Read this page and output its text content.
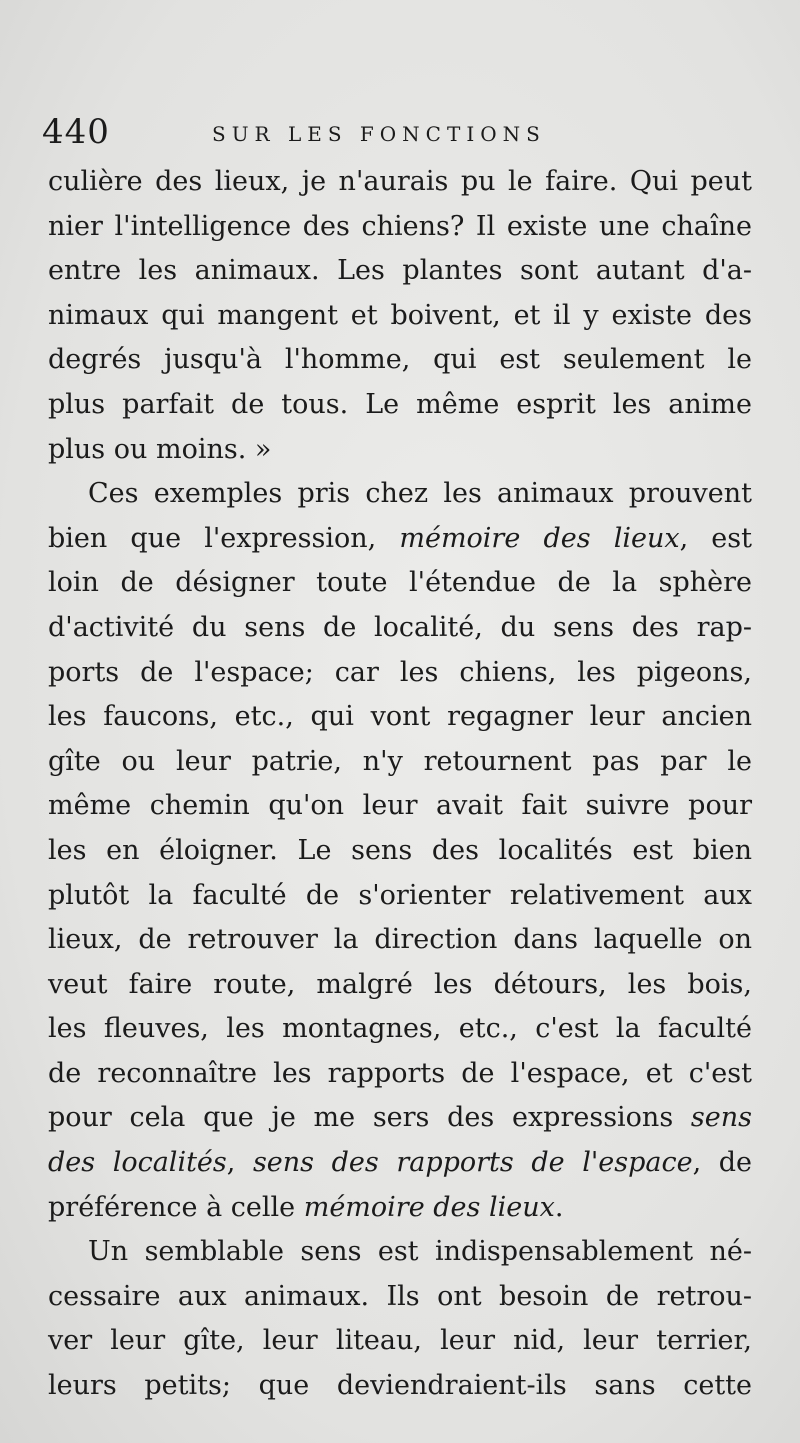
440	SUR LES FONCTIONS
culière des lieux, je n'aurais pu le faire. Qui peut
nier l'intelligence des chiens? Il existe une chaîne
entre les animaux. Les plantes sont autant d'a-
nimaux qui mangent et boivent, et il y existe des
degrés jusqu'à l'homme, qui est seulement le
plus parfait de tous. Le même esprit les anime
plus ou moins. »
Ces exemples pris chez les animaux prouvent
bien que l'expression, mémoire des lieux, est
loin de désigner toute l'étendue de la sphère
d'activité du sens de localité, du sens des rap-
ports de l'espace; car les chiens, les pigeons,
les faucons, etc., qui vont regagner leur ancien
gîte ou leur patrie, n'y retournent pas par le
même chemin qu'on leur avait fait suivre pour
les en éloigner. Le sens des localités est bien
plutôt la faculté de s'orienter relativement aux
lieux, de retrouver la direction dans laquelle on
veut faire route, malgré les détours, les bois,
les fleuves, les montagnes, etc., c'est la faculté
de reconnaître les rapports de l'espace, et c'est
pour cela que je me sers des expressions sens
des localités, sens des rapports de l'espace, de
préférence à celle mémoire des lieux.
Un semblable sens est indispensablement né-
cessaire aux animaux. Ils ont besoin de retrou-
ver leur gîte, leur liteau, leur nid, leur terrier,
leurs petits; que deviendraient-ils sans cette
